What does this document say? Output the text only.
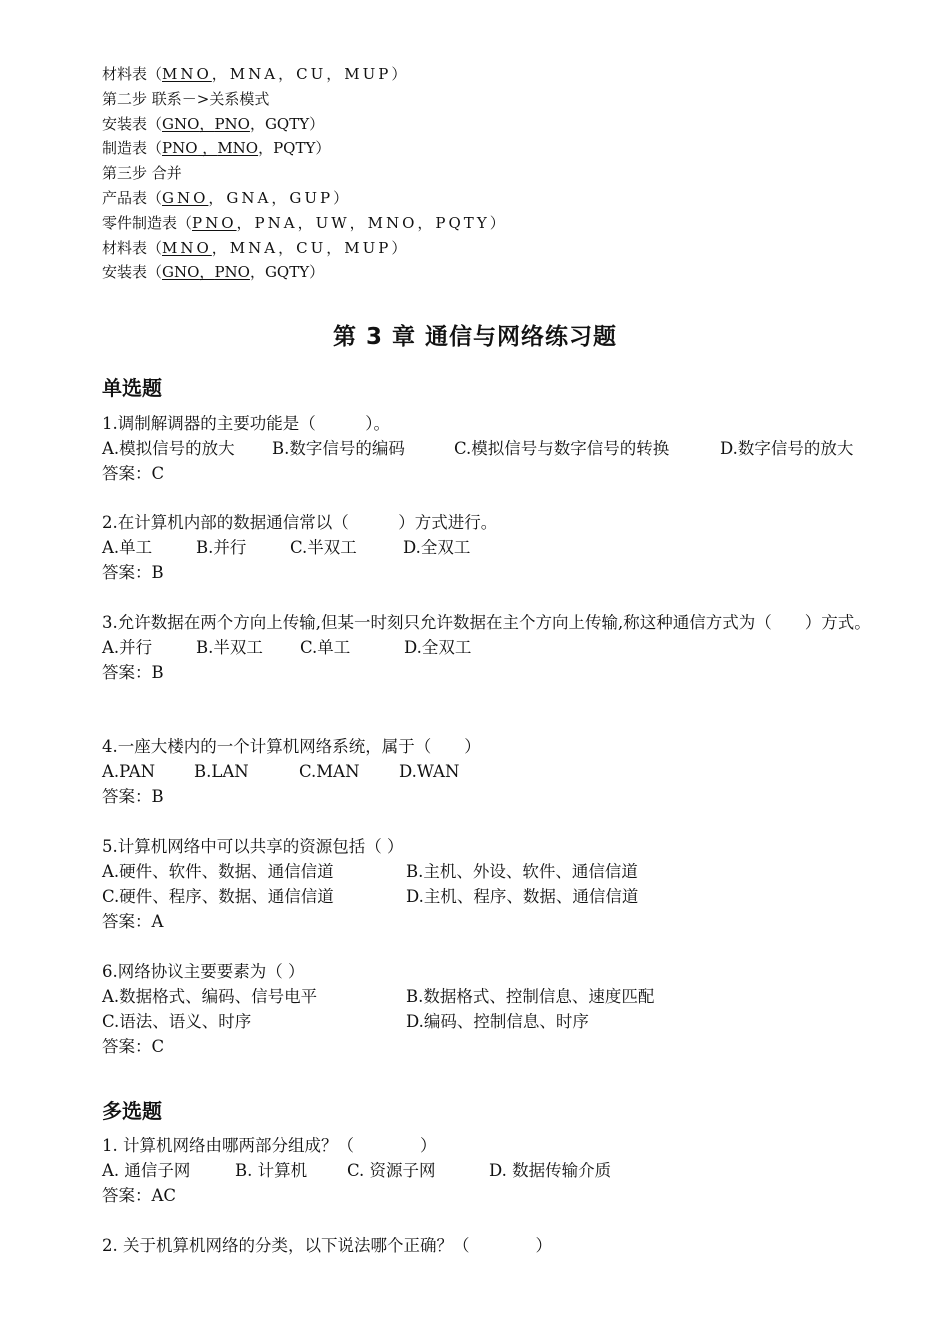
材料表（MNO，MNA，CU，MUP）
第二步 联系－>关系模式
安装表（GNO，PNO，GQTY）
制造表（PNO ，MNO，PQTY）
第三步 合并
产品表（GNO，GNA，GUP）
零件制造表（PNO，PNA，UW，MNO，PQTY）
材料表（MNO，MNA，CU，MUP）
安装表（GNO，PNO，GQTY）
第 3 章 通信与网络练习题
单选题
1.调制解调器的主要功能是（　　　）。
A.模拟信号的放大 B.数字信号的编码	C.模拟信号与数字信号的转换	D.数字信号的放大
答案：C
2.在计算机内部的数据通信常以（　　　）方式进行。
A.单工	B.并行	C.半双工	D.全双工
答案：B
3.允许数据在两个方向上传输,但某一时刻只允许数据在主个方向上传输,称这种通信方式为（　　）方式。
A.并行	B.半双工 C.单工	D.全双工
答案：B
4.一座大楼内的一个计算机网络系统，属于（　　）
A.PAN B.LAN	C.MAN D.WAN
答案：B
5.计算机网络中可以共享的资源包括（ ）
A.硬件、软件、数据、通信信道	B.主机、外设、软件、通信信道
C.硬件、程序、数据、通信信道	D.主机、程序、数据、通信信道
答案：A
6.网络协议主要要素为（ ）
A.数据格式、编码、信号电平	B.数据格式、控制信息、速度匹配
C.语法、语义、时序	D.编码、控制信息、时序
答案：C
多选题
1. 计算机网络由哪两部分组成？（　　　　）
A. 通信子网	B. 计算机 C. 资源子网	D. 数据传输介质
答案：AC
2. 关于机算机网络的分类，以下说法哪个正确？（　　　　）
